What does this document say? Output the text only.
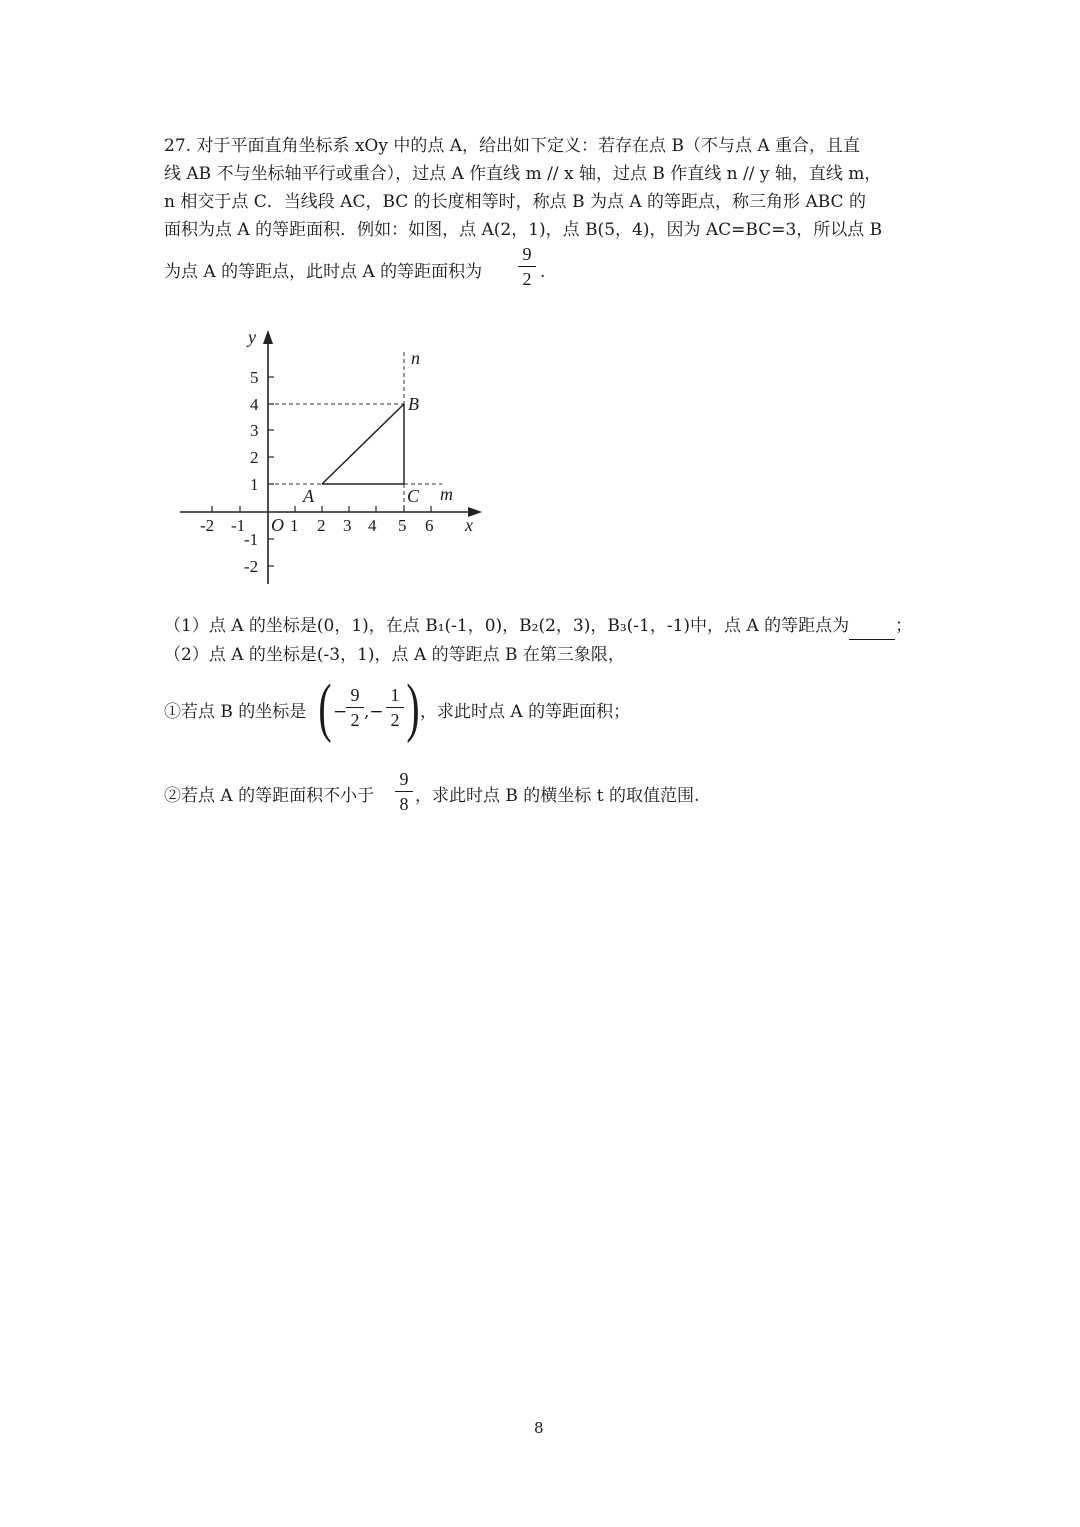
27. 对于平面直角坐标系 xOy 中的点 A，给出如下定义：若存在点 B（不与点 A 重合，且直
线 AB 不与坐标轴平行或重合），过点 A 作直线 m // x 轴，过点 B 作直线 n // y 轴，直线 m，
n 相交于点 C．当线段 AC，BC 的长度相等时，称点 B 为点 A 的等距点，称三角形 ABC 的
面积为点 A 的等距面积．例如：如图，点 A(2，1)，点 B(5，4)，因为 AC=BC=3，所以点 B
为点 A 的等距点，此时点 A 的等距面积为
9
2 .
-2 -1	1 2 3 4 5 6
5
4
3
2
1
-1
-2
O	x
y
A
B
C m
n
（1）点 A 的坐标是(0，1)，在点 B₁(-1，0)，B₂(2，3)，B₃(-1，-1)中，点 A 的等距点为	；
（2）点 A 的坐标是(-3，1)，点 A 的等距点 B 在第三象限，
①若点 B 的坐标是 ( −
9
2 ,−
1
2 ) ，求此时点 A 的等距面积；
②若点 A 的等距面积不小于
9
8 ，求此时点 B 的横坐标 t 的取值范围.
8
